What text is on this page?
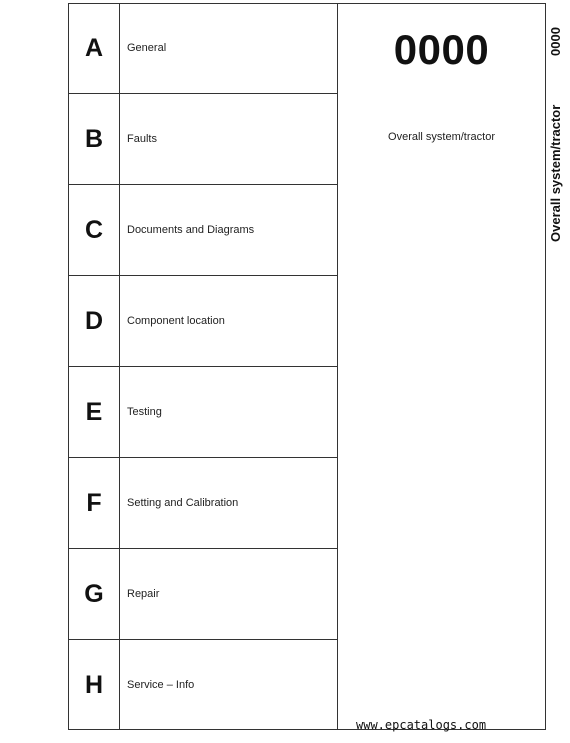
A	General
B	Faults
C	Documents and Diagrams
D	Component location
E	Testing
F	Setting and Calibration
G	Repair
H	Service – Info
0000
Overall system/tractor
0000
Overall system/tractor
www.epcatalogs.com
